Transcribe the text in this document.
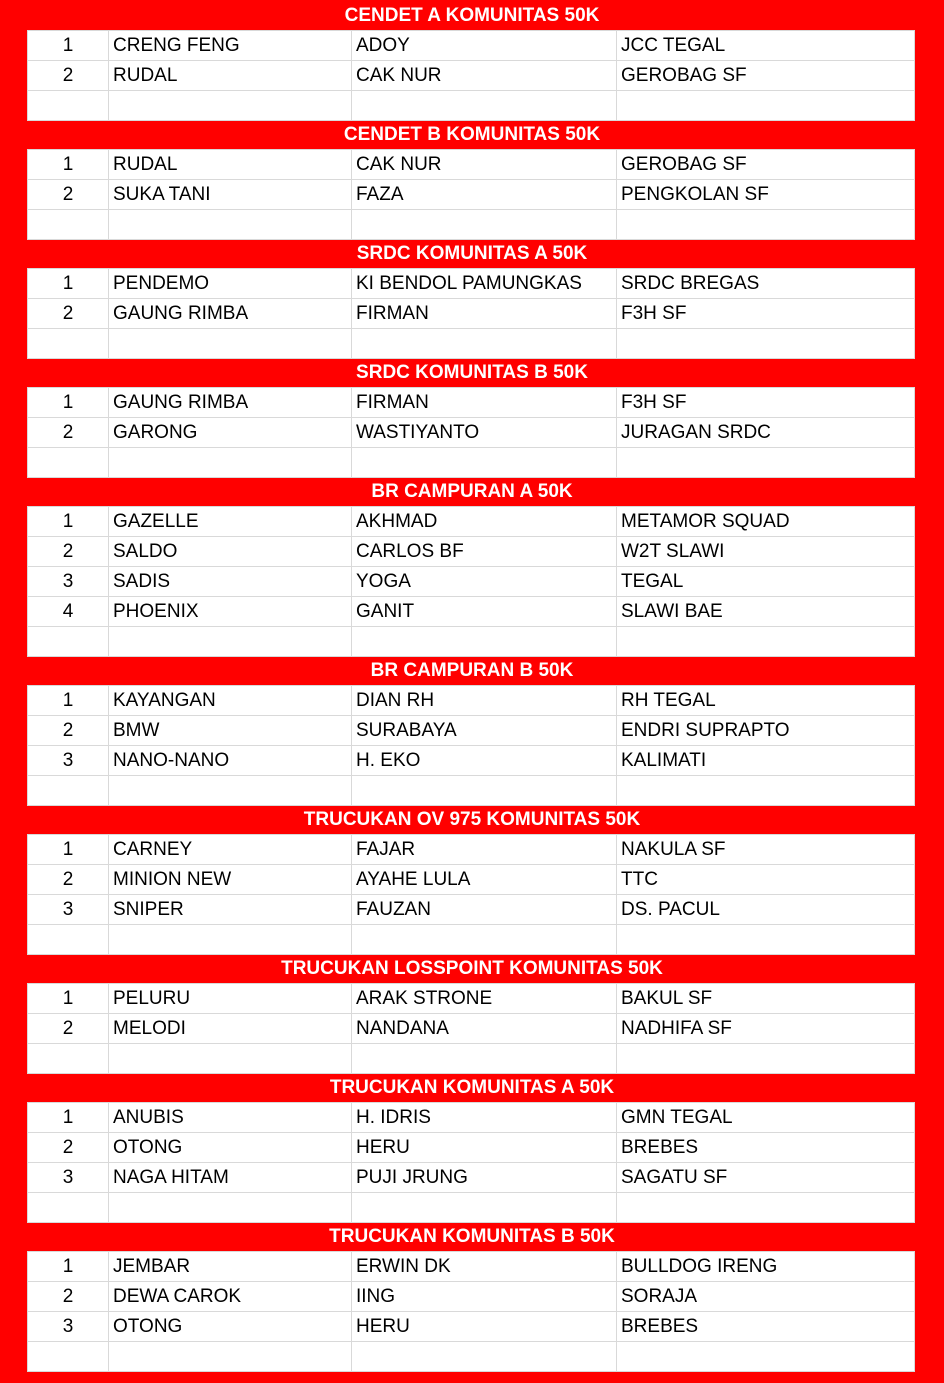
CENDET A KOMUNITAS 50K
1	CRENG FENG	ADOY	JCC TEGAL
2	RUDAL	CAK NUR	GEROBAG SF

CENDET B KOMUNITAS 50K
1	RUDAL	CAK NUR	GEROBAG SF
2	SUKA TANI	FAZA	PENGKOLAN SF

SRDC KOMUNITAS A 50K
1	PENDEMO	KI BENDOL PAMUNGKAS	SRDC BREGAS
2	GAUNG RIMBA	FIRMAN	F3H SF

SRDC KOMUNITAS B 50K
1	GAUNG RIMBA	FIRMAN	F3H SF
2	GARONG	WASTIYANTO	JURAGAN SRDC

BR CAMPURAN A 50K
1	GAZELLE	AKHMAD	METAMOR SQUAD
2	SALDO	CARLOS BF	W2T SLAWI
3	SADIS	YOGA	TEGAL
4	PHOENIX	GANIT	SLAWI BAE

BR CAMPURAN B 50K
1	KAYANGAN	DIAN RH	RH TEGAL
2	BMW	SURABAYA	ENDRI SUPRAPTO
3	NANO-NANO	H. EKO	KALIMATI

TRUCUKAN OV 975 KOMUNITAS 50K
1	CARNEY	FAJAR	NAKULA SF
2	MINION NEW	AYAHE LULA	TTC
3	SNIPER	FAUZAN	DS. PACUL

TRUCUKAN LOSSPOINT KOMUNITAS 50K
1	PELURU	ARAK STRONE	BAKUL SF
2	MELODI	NANDANA	NADHIFA SF

TRUCUKAN KOMUNITAS A 50K
1	ANUBIS	H. IDRIS	GMN TEGAL
2	OTONG	HERU	BREBES
3	NAGA HITAM	PUJI JRUNG	SAGATU SF

TRUCUKAN KOMUNITAS B 50K
1	JEMBAR	ERWIN DK	BULLDOG IRENG
2	DEWA CAROK	IING	SORAJA
3	OTONG	HERU	BREBES
